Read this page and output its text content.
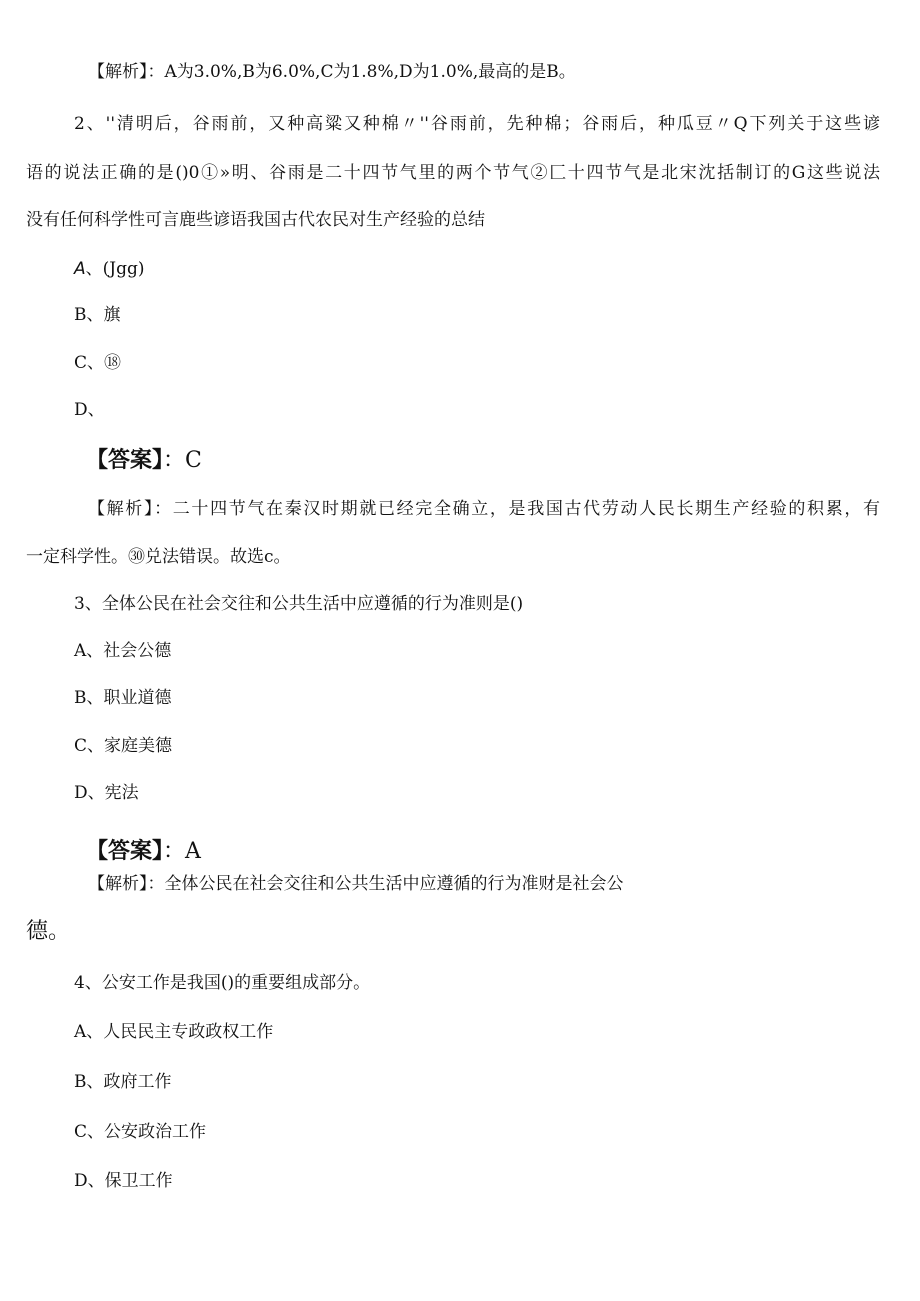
【解析】：A为3.0%,B为6.0%,C为1.8%,D为1.0%,最高的是B。

2、''清明后，谷雨前，又种高粱又种棉〃''谷雨前，先种棉；谷雨后，种瓜豆〃Q下列关于这些谚

语的说法正确的是()0①»明、谷雨是二十四节气里的两个节气②匚十四节气是北宋沈括制订的G这些说法

没有任何科学性可言鹿些谚语我国古代农民对生产经验的总结

A、(Jgg)

B、旗

C、⑱

D、

【答案】：C

【解析】：二十四节气在秦汉时期就已经完全确立，是我国古代劳动人民长期生产经验的积累，有

一定科学性。㉚兑法错误。故选c。

3、全体公民在社会交往和公共生活中应遵循的行为准则是()

A、社会公德

B、职业道德

C、家庭美德

D、宪法

【答案】：A

【解析】：全体公民在社会交往和公共生活中应遵循的行为准财是社会公

德。

4、公安工作是我国()的重要组成部分。

A、人民民主专政政权工作

B、政府工作

C、公安政治工作

D、保卫工作
